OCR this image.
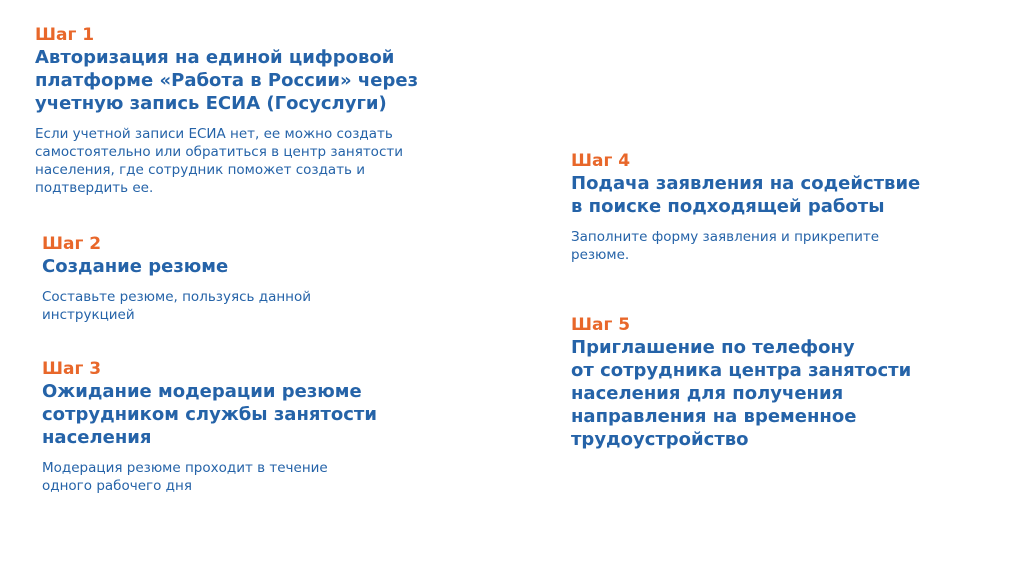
Шаг 1

Авторизация на единой цифровой
платформе «Работа в России» через
учетную запись ЕСИА (Госуслуги)

Если учетной записи ЕСИА нет, ее можно создать
самостоятельно или обратиться в центр занятости
населения, где сотрудник поможет создать и
подтвердить ее.

Шаг 2

Создание резюме

Составьте резюме, пользуясь данной
инструкцией

Шаг 3

Ожидание модерации резюме
сотрудником службы занятости
населения

Модерация резюме проходит в течение
одного рабочего дня

Шаг 4

Подача заявления на содействие
в поиске подходящей работы

Заполните форму заявления и прикрепите
резюме.

Шаг 5

Приглашение по телефону
от сотрудника центра занятости
населения для получения
направления на временное
трудоустройство
